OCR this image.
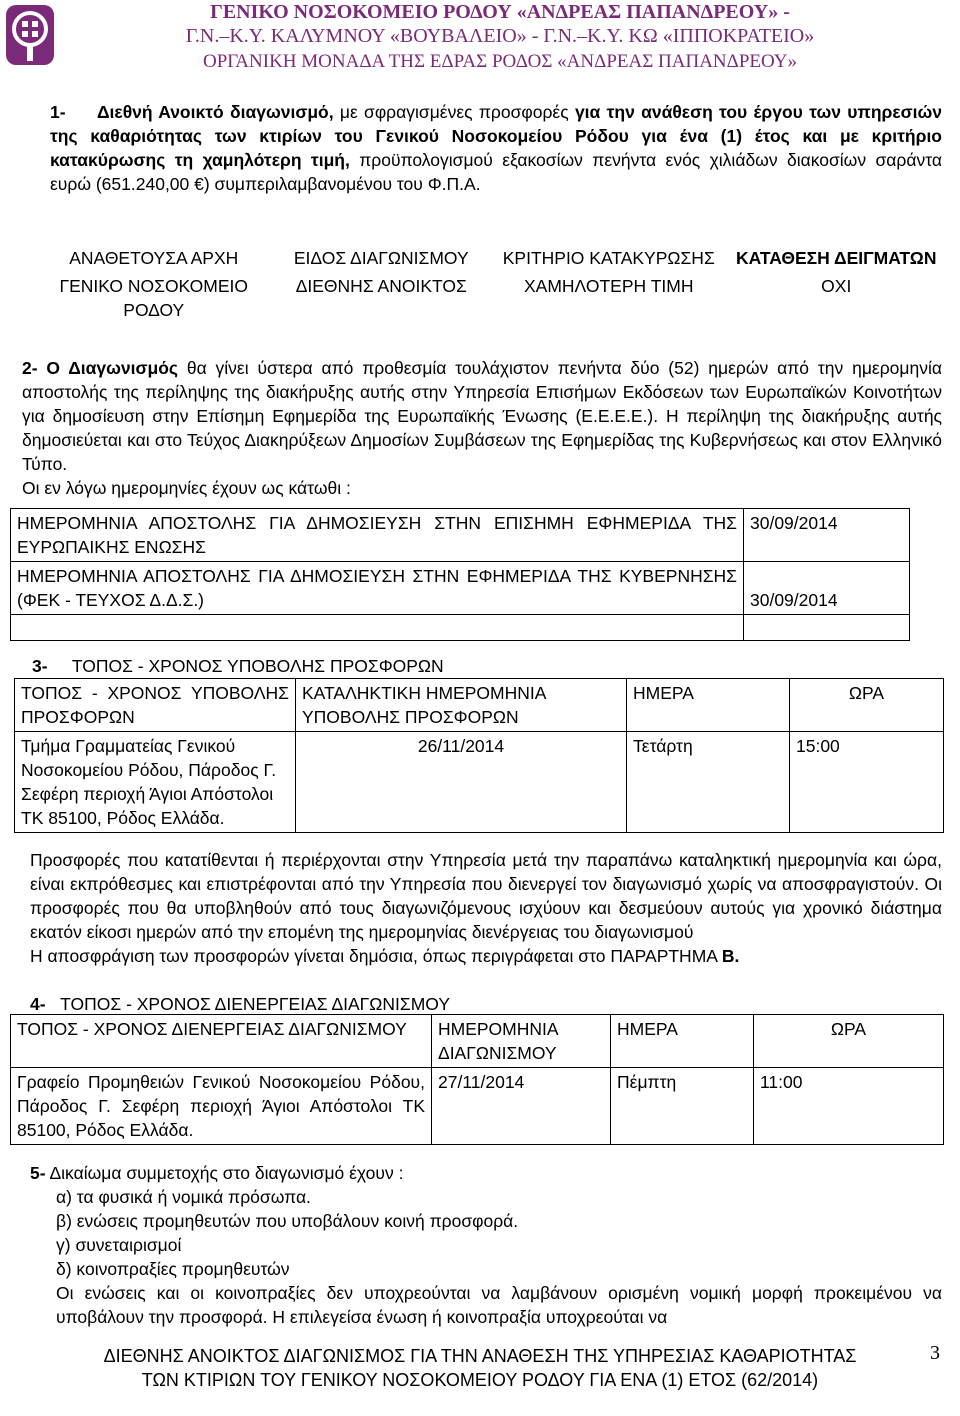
ΓΕΝΙΚΟ ΝΟΣΟΚΟΜΕΙΟ ΡΟΔΟΥ «ΑΝΔΡΕΑΣ ΠΑΠΑΝΔΡΕΟΥ» -
Γ.Ν.–Κ.Υ. ΚΑΛΥΜΝΟΥ «ΒΟΥΒΑΛΕΙΟ» - Γ.Ν.–Κ.Υ. ΚΩ «ΙΠΠΟΚΡΑΤΕΙΟ»
ΟΡΓΑΝΙΚΗ ΜΟΝΑΔΑ ΤΗΣ ΕΔΡΑΣ ΡΟΔΟΣ «ΑΝΔΡΕΑΣ ΠΑΠΑΝΔΡΕΟΥ»
1- Διεθνή Ανοικτό διαγωνισμό, με σφραγισμένες προσφορές για την ανάθεση του έργου των υπηρεσιών της καθαριότητας των κτιρίων του Γενικού Νοσοκομείου Ρόδου για ένα (1) έτος και με κριτήριο κατακύρωσης τη χαμηλότερη τιμή, προϋπολογισμού εξακοσίων πενήντα ενός χιλιάδων διακοσίων σαράντα ευρώ (651.240,00 €) συμπεριλαμβανομένου του Φ.Π.Α.
ΑΝΑΘΕΤΟΥΣΑ ΑΡΧΗ	ΕΙΔΟΣ ΔΙΑΓΩΝΙΣΜΟΥ	ΚΡΙΤΗΡΙΟ ΚΑΤΑΚΥΡΩΣΗΣ	ΚΑΤΑΘΕΣΗ ΔΕΙΓΜΑΤΩΝ
ΓΕΝΙΚΟ ΝΟΣΟΚΟΜΕΙΟ ΡΟΔΟΥ	ΔΙΕΘΝΗΣ ΑΝΟΙΚΤΟΣ	ΧΑΜΗΛΟΤΕΡΗ ΤΙΜΗ	ΟΧΙ
2- Ο Διαγωνισμός θα γίνει ύστερα από προθεσμία τουλάχιστον πενήντα δύο (52) ημερών από την ημερομηνία αποστολής της περίληψης της διακήρυξης αυτής στην Υπηρεσία Επισήμων Εκδόσεων των Ευρωπαϊκών Κοινοτήτων για δημοσίευση στην Επίσημη Εφημερίδα της Ευρωπαϊκής Ένωσης (Ε.Ε.Ε.Ε.). Η περίληψη της διακήρυξης αυτής δημοσιεύεται και στο Τεύχος Διακηρύξεων Δημοσίων Συμβάσεων της Εφημερίδας της Κυβερνήσεως και στον Ελληνικό Τύπο.
Οι εν λόγω ημερομηνίες έχουν ως κάτωθι :
ΗΜΕΡΟΜΗΝΙΑ ΑΠΟΣΤΟΛΗΣ ΓΙΑ ΔΗΜΟΣΙΕΥΣΗ ΣΤΗΝ ΕΠΙΣΗΜΗ ΕΦΗΜΕΡΙΔΑ ΤΗΣ ΕΥΡΩΠΑΙΚΗΣ ΕΝΩΣΗΣ	30/09/2014
ΗΜΕΡΟΜΗΝΙΑ ΑΠΟΣΤΟΛΗΣ ΓΙΑ ΔΗΜΟΣΙΕΥΣΗ ΣΤΗΝ ΕΦΗΜΕΡΙΔΑ ΤΗΣ ΚΥΒΕΡΝΗΣΗΣ (ΦΕΚ - ΤΕΥΧΟΣ Δ.Δ.Σ.)	30/09/2014

3- ΤΟΠΟΣ - ΧΡΟΝΟΣ ΥΠΟΒΟΛΗΣ ΠΡΟΣΦΟΡΩΝ
ΤΟΠΟΣ - ΧΡΟΝΟΣ ΥΠΟΒΟΛΗΣ ΠΡΟΣΦΟΡΩΝ	ΚΑΤΑΛΗΚΤΙΚΗ ΗΜΕΡΟΜΗΝΙΑ ΥΠΟΒΟΛΗΣ ΠΡΟΣΦΟΡΩΝ	ΗΜΕΡΑ	ΩΡΑ
Τμήμα Γραμματείας Γενικού Νοσοκομείου Ρόδου, Πάροδος Γ. Σεφέρη περιοχή Άγιοι Απόστολοι ΤΚ 85100, Ρόδος Ελλάδα.	26/11/2014	Τετάρτη	15:00
Προσφορές που κατατίθενται ή περιέρχονται στην Υπηρεσία μετά την παραπάνω καταληκτική ημερομηνία και ώρα, είναι εκπρόθεσμες και επιστρέφονται από την Υπηρεσία που διενεργεί τον διαγωνισμό χωρίς να αποσφραγιστούν. Οι προσφορές που θα υποβληθούν από τους διαγωνιζόμενους ισχύουν και δεσμεύουν αυτούς για χρονικό διάστημα εκατόν είκοσι ημερών από την επομένη της ημερομηνίας διενέργειας του διαγωνισμού
Η αποσφράγιση των προσφορών γίνεται δημόσια, όπως περιγράφεται στο ΠΑΡΑΡΤΗΜΑ Β.
4- ΤΟΠΟΣ - ΧΡΟΝΟΣ ΔΙΕΝΕΡΓΕΙΑΣ ΔΙΑΓΩΝΙΣΜΟΥ
ΤΟΠΟΣ - ΧΡΟΝΟΣ ΔΙΕΝΕΡΓΕΙΑΣ ΔΙΑΓΩΝΙΣΜΟΥ	ΗΜΕΡΟΜΗΝΙΑ ΔΙΑΓΩΝΙΣΜΟΥ	ΗΜΕΡΑ	ΩΡΑ
Γραφείο Προμηθειών Γενικού Νοσοκομείου Ρόδου, Πάροδος Γ. Σεφέρη περιοχή Άγιοι Απόστολοι ΤΚ 85100, Ρόδος Ελλάδα.	27/11/2014	Πέμπτη	11:00
5- Δικαίωμα συμμετοχής στο διαγωνισμό έχουν :
α) τα φυσικά ή νομικά πρόσωπα.
β) ενώσεις προμηθευτών που υποβάλουν κοινή προσφορά.
γ) συνεταιρισμοί
δ) κοινοπραξίες προμηθευτών
Οι ενώσεις και οι κοινοπραξίες δεν υποχρεούνται να λαμβάνουν ορισμένη νομική μορφή προκειμένου να υποβάλουν την προσφορά. Η επιλεγείσα ένωση ή κοινοπραξία υποχρεούται να
3
ΔΙΕΘΝΗΣ ΑΝΟΙΚΤΟΣ ΔΙΑΓΩΝΙΣΜΟΣ ΓΙΑ ΤΗΝ ΑΝΑΘΕΣΗ ΤΗΣ ΥΠΗΡΕΣΙΑΣ ΚΑΘΑΡΙΟΤΗΤΑΣ
ΤΩΝ ΚΤΙΡΙΩΝ ΤΟΥ ΓΕΝΙΚΟΥ ΝΟΣΟΚΟΜΕΙΟΥ ΡΟΔΟΥ ΓΙΑ ΕΝΑ (1) ΕΤΟΣ (62/2014)
